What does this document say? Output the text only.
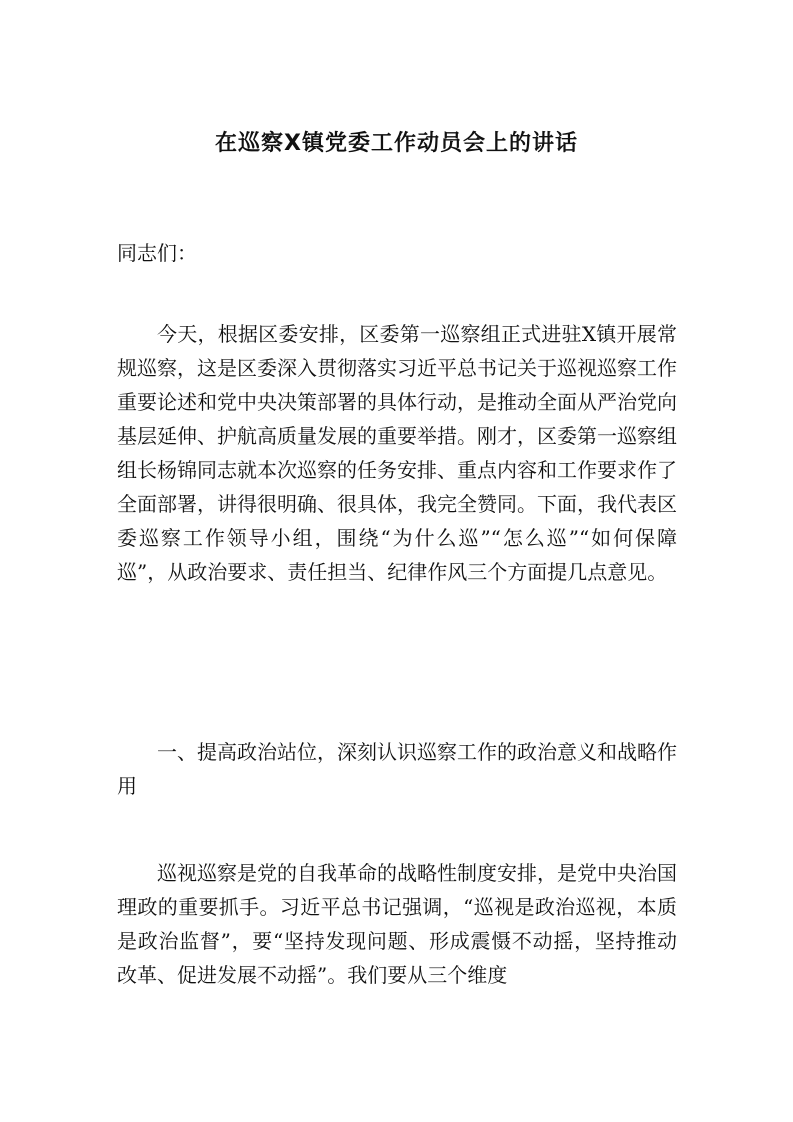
在巡察X镇党委工作动员会上的讲话

同志们：

今天，根据区委安排，区委第一巡察组正式进驻X镇开展常规巡察，这是区委深入贯彻落实习近平总书记关于巡视巡察工作重要论述和党中央决策部署的具体行动，是推动全面从严治党向基层延伸、护航高质量发展的重要举措。刚才，区委第一巡察组组长杨锦同志就本次巡察的任务安排、重点内容和工作要求作了全面部署，讲得很明确、很具体，我完全赞同。下面，我代表区委巡察工作领导小组，围绕“为什么巡”“怎么巡”“如何保障巡”，从政治要求、责任担当、纪律作风三个方面提几点意见。

一、提高政治站位，深刻认识巡察工作的政治意义和战略作用

巡视巡察是党的自我革命的战略性制度安排，是党中央治国理政的重要抓手。习近平总书记强调，“巡视是政治巡视，本质是政治监督”，要“坚持发现问题、形成震慑不动摇，坚持推动改革、促进发展不动摇”。我们要从三个维度
